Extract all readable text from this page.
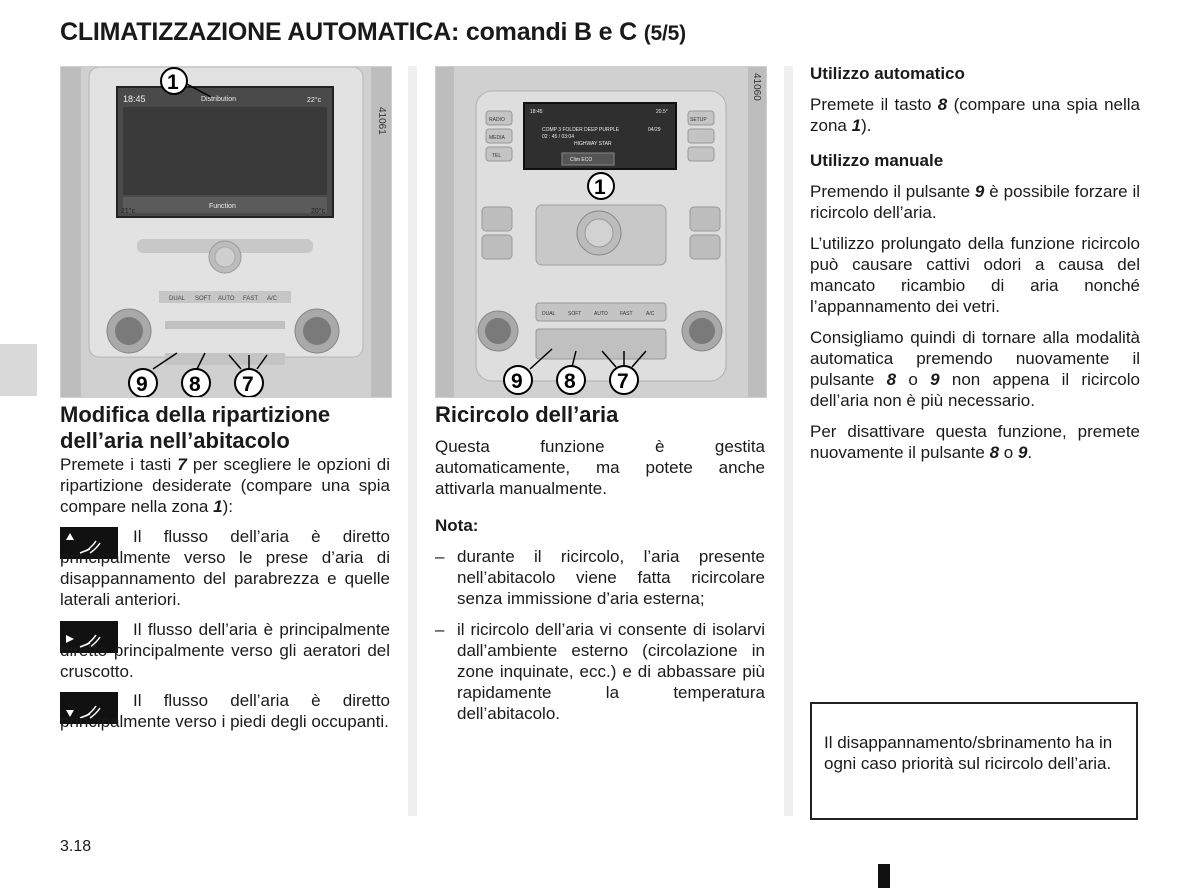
CLIMATIZZAZIONE AUTOMATICA: comandi B e C (5/5)
18:45	Distribution	22°c
21°c
Function
20°c
DUAL SOFT AUTO FAST A/C
41061
1
9 8 7
RADIO
MEDIA
TEL
SETUP
18:45	20.5°
COMP 3 FOLDER DEEP PURPLE	04/29
02 : 45 / 03:04
HIGHWAY STAR
Clim ECO
DUAL	SOFT	AUTO FAST	A/C
41060
1
9 8 7
Modifica della ripartizione dell’aria nell’abitacolo
Premete i tasti 7 per scegliere le opzioni di ripartizione desiderate (compare una spia compare nella zona 1):
Il flusso dell’aria è diretto principalmente verso le prese d’aria di disappannamento del parabrezza e quelle laterali anteriori.
Il flusso dell’aria è principalmente diretto principalmente verso gli aeratori del cruscotto.
Il flusso dell’aria è diretto principalmente verso i piedi degli occupanti.
Ricircolo dell’aria

Questa funzione è gestita automaticamente, ma potete anche attivarla manualmente.

Nota:
– durante il ricircolo, l’aria presente nell’abitacolo viene fatta ricircolare senza immissione d’aria esterna;
– il ricircolo dell’aria vi consente di isolarvi dall’ambiente esterno (circolazione in zone inquinate, ecc.) e di abbassare più rapidamente la temperatura dell’abitacolo.
Utilizzo automatico

Premete il tasto 8 (compare una spia nella zona 1).

Utilizzo manuale

Premendo il pulsante 9 è possibile forzare il ricircolo dell’aria.

L’utilizzo prolungato della funzione ricircolo può causare cattivi odori a causa del mancato ricambio di aria nonché l’appannamento dei vetri.

Consigliamo quindi di tornare alla modalità automatica premendo nuovamente il pulsante 8 o 9 non appena il ricircolo dell’aria non è più necessario.

Per disattivare questa funzione, premete nuovamente il pulsante 8 o 9.

Il disappannamento/sbrinamento ha in ogni caso priorità sul ricircolo dell’aria.
3.18
